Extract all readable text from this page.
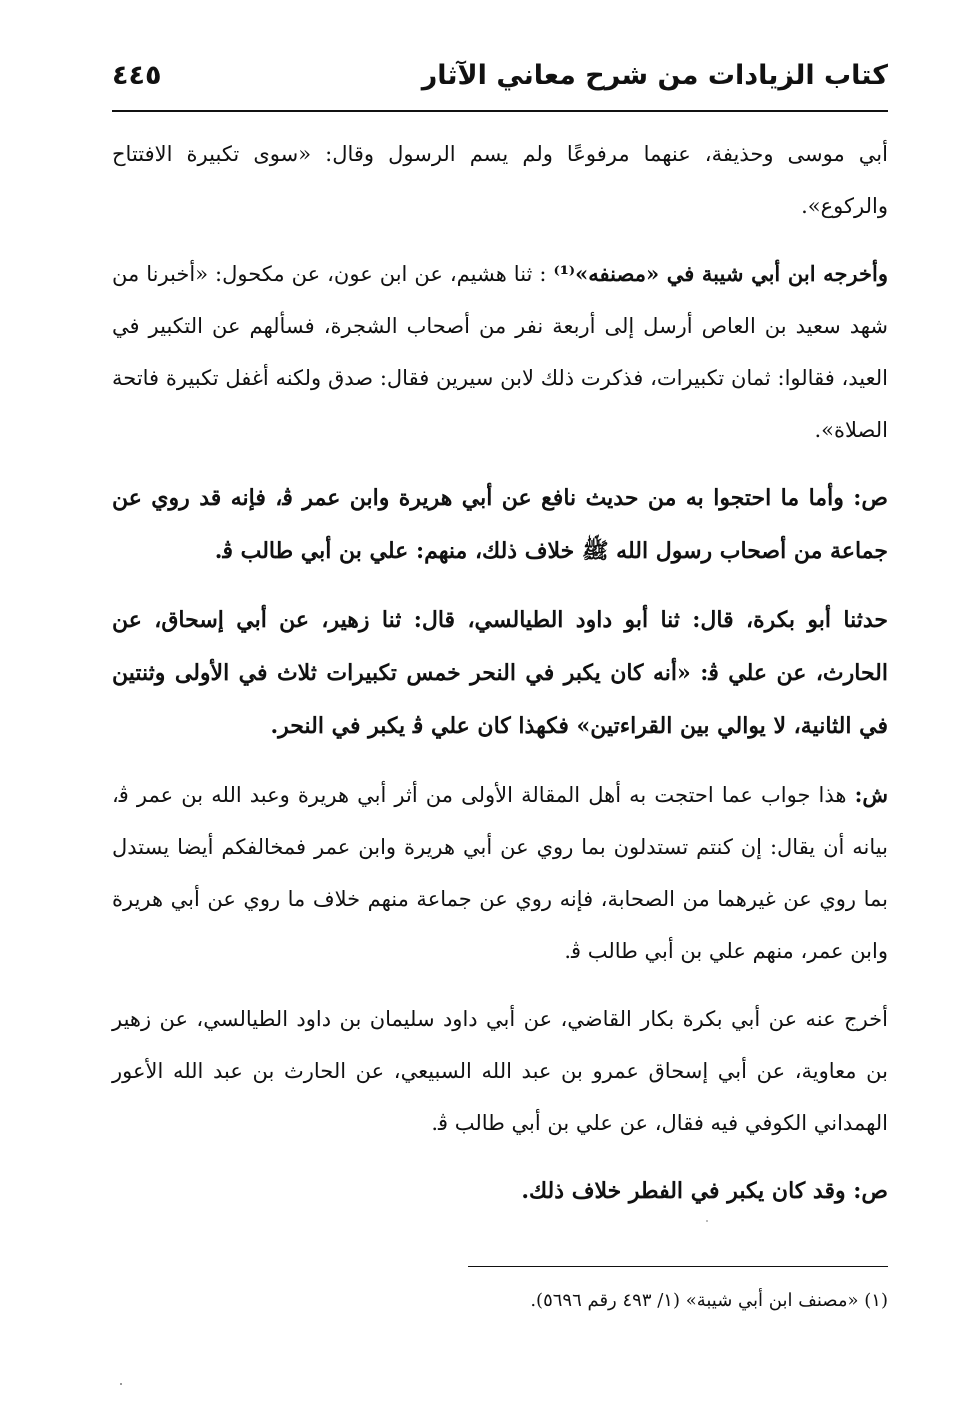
كتاب الزيادات من شرح معاني الآثار
٤٤٥

أبي موسى وحذيفة، عنهما مرفوعًا ولم يسم الرسول وقال: «سوى تكبيرة الافتتاح والركوع».

وأخرجه ابن أبي شيبة في «مصنفه»⁽¹⁾ : ثنا هشيم، عن ابن عون، عن مكحول: «أخبرنا من شهد سعيد بن العاص أرسل إلى أربعة نفر من أصحاب الشجرة، فسألهم عن التكبير في العيد، فقالوا: ثمان تكبيرات، فذكرت ذلك لابن سيرين فقال: صدق ولكنه أغفل تكبيرة فاتحة الصلاة».

ص: وأما ما احتجوا به من حديث نافع عن أبي هريرة وابن عمر ﭬ، فإنه قد روي عن جماعة من أصحاب رسول الله ﷺ خلاف ذلك، منهم: علي بن أبي طالب ﭬ.

حدثنا أبو بكرة، قال: ثنا أبو داود الطيالسي، قال: ثنا زهير، عن أبي إسحاق، عن الحارث، عن علي ﭬ: «أنه كان يكبر في النحر خمس تكبيرات ثلاث في الأولى وثنتين في الثانية، لا يوالي بين القراءتين» فكهذا كان علي ﭬ يكبر في النحر.

ش: هذا جواب عما احتجت به أهل المقالة الأولى من أثر أبي هريرة وعبد الله بن عمر ﭬ، بيانه أن يقال: إن كنتم تستدلون بما روي عن أبي هريرة وابن عمر فمخالفكم أيضا يستدل بما روي عن غيرهما من الصحابة، فإنه روي عن جماعة منهم خلاف ما روي عن أبي هريرة وابن عمر، منهم علي بن أبي طالب ﭬ.

أخرج عنه عن أبي بكرة بكار القاضي، عن أبي داود سليمان بن داود الطيالسي، عن زهير بن معاوية، عن أبي إسحاق عمرو بن عبد الله السبيعي، عن الحارث بن عبد الله الأعور الهمداني الكوفي فيه فقال، عن علي بن أبي طالب ﭬ.

ص: وقد كان يكبر في الفطر خلاف ذلك.

(١) «مصنف ابن أبي شيبة» (١/ ٤٩٣ رقم ٥٦٩٦).
